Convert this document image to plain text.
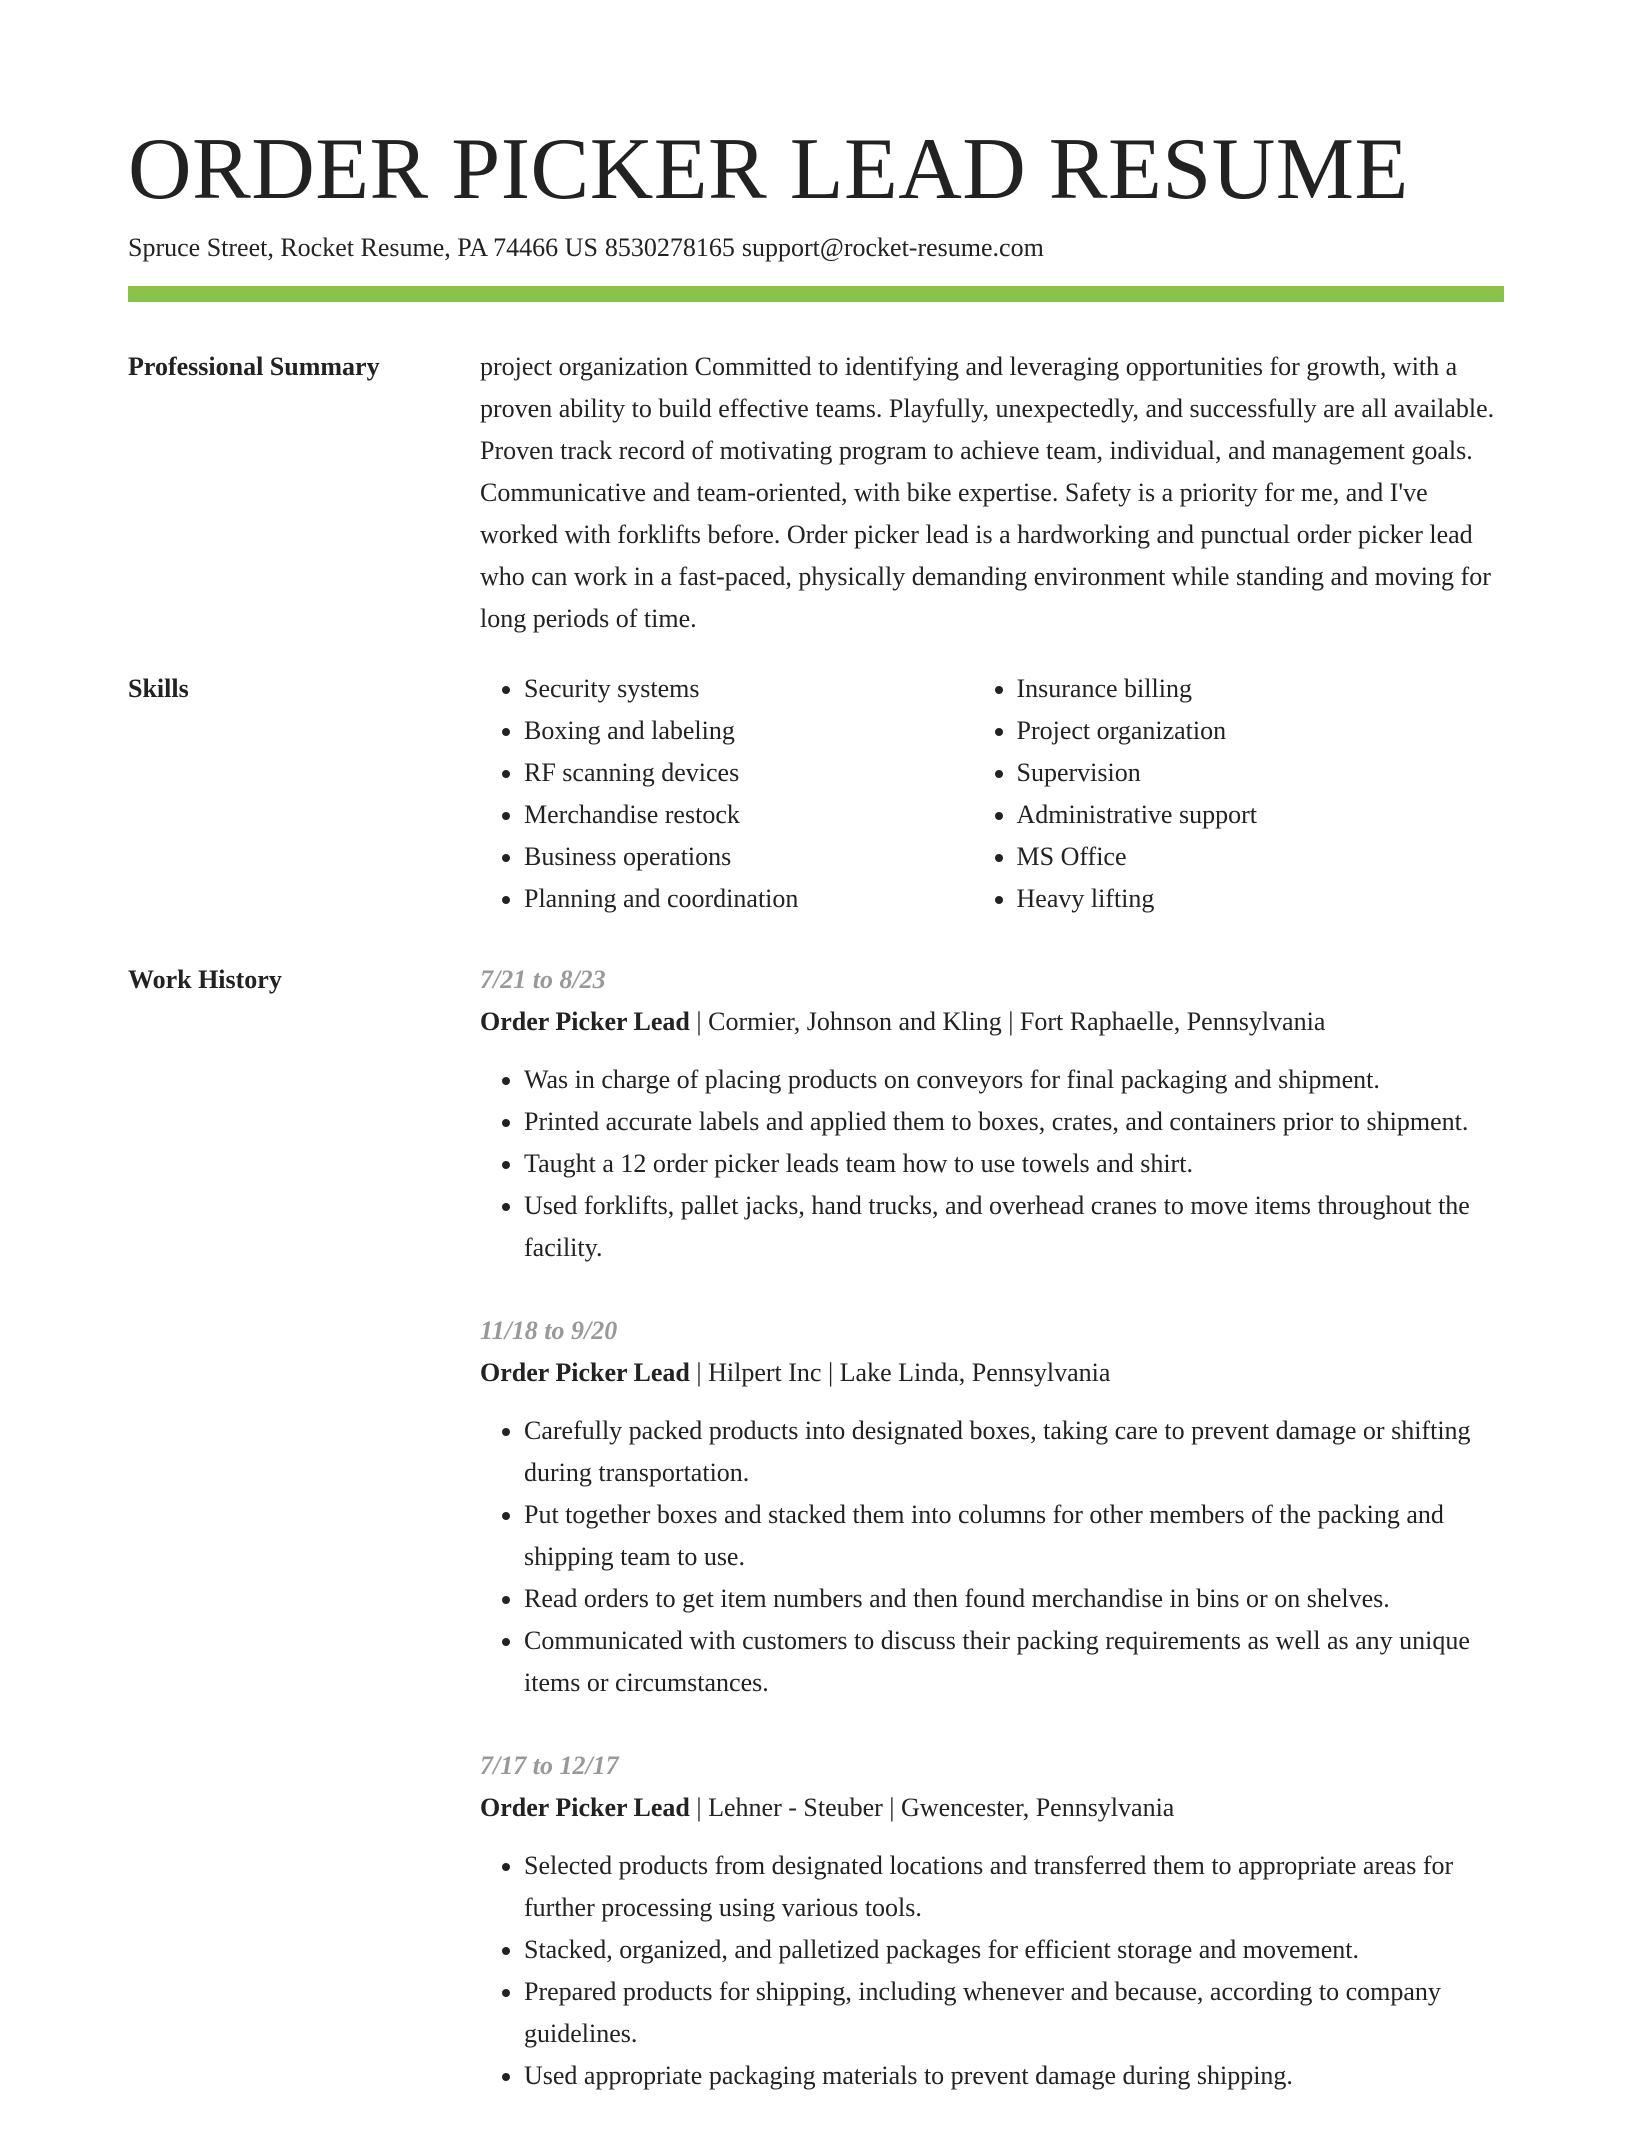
ORDER PICKER LEAD RESUME
Spruce Street, Rocket Resume, PA 74466 US 8530278165 support@rocket-resume.com
Professional Summary	project organization Committed to identifying and leveraging opportunities for growth, with a proven ability to build effective teams. Playfully, unexpectedly, and successfully are all available. Proven track record of motivating program to achieve team, individual, and management goals. Communicative and team-oriented, with bike expertise. Safety is a priority for me, and I've worked with forklifts before. Order picker lead is a hardworking and punctual order picker lead who can work in a fast-paced, physically demanding environment while standing and moving for long periods of time.

Skills
•	Security systems
• Boxing and labeling
• RF scanning devices
• Merchandise restock
• Business operations
• Planning and coordination
• Insurance billing
• Project organization
• Supervision
• Administrative support
• MS Office
• Heavy lifting
Work History	7/21 to 8/23
Order Picker Lead | Cormier, Johnson and Kling | Fort Raphaelle, Pennsylvania
• Was in charge of placing products on conveyors for final packaging and shipment.
• Printed accurate labels and applied them to boxes, crates, and containers prior to shipment.
• Taught a 12 order picker leads team how to use towels and shirt.
• Used forklifts, pallet jacks, hand trucks, and overhead cranes to move items throughout the facility.
11/18 to 9/20
Order Picker Lead | Hilpert Inc | Lake Linda, Pennsylvania
• Carefully packed products into designated boxes, taking care to prevent damage or shifting during transportation.
• Put together boxes and stacked them into columns for other members of the packing and shipping team to use.
• Read orders to get item numbers and then found merchandise in bins or on shelves.
• Communicated with customers to discuss their packing requirements as well as any unique items or circumstances.
7/17 to 12/17
Order Picker Lead | Lehner - Steuber | Gwencester, Pennsylvania
• Selected products from designated locations and transferred them to appropriate areas for further processing using various tools.
• Stacked, organized, and palletized packages for efficient storage and movement.
• Prepared products for shipping, including whenever and because, according to company guidelines.
• Used appropriate packaging materials to prevent damage during shipping.
